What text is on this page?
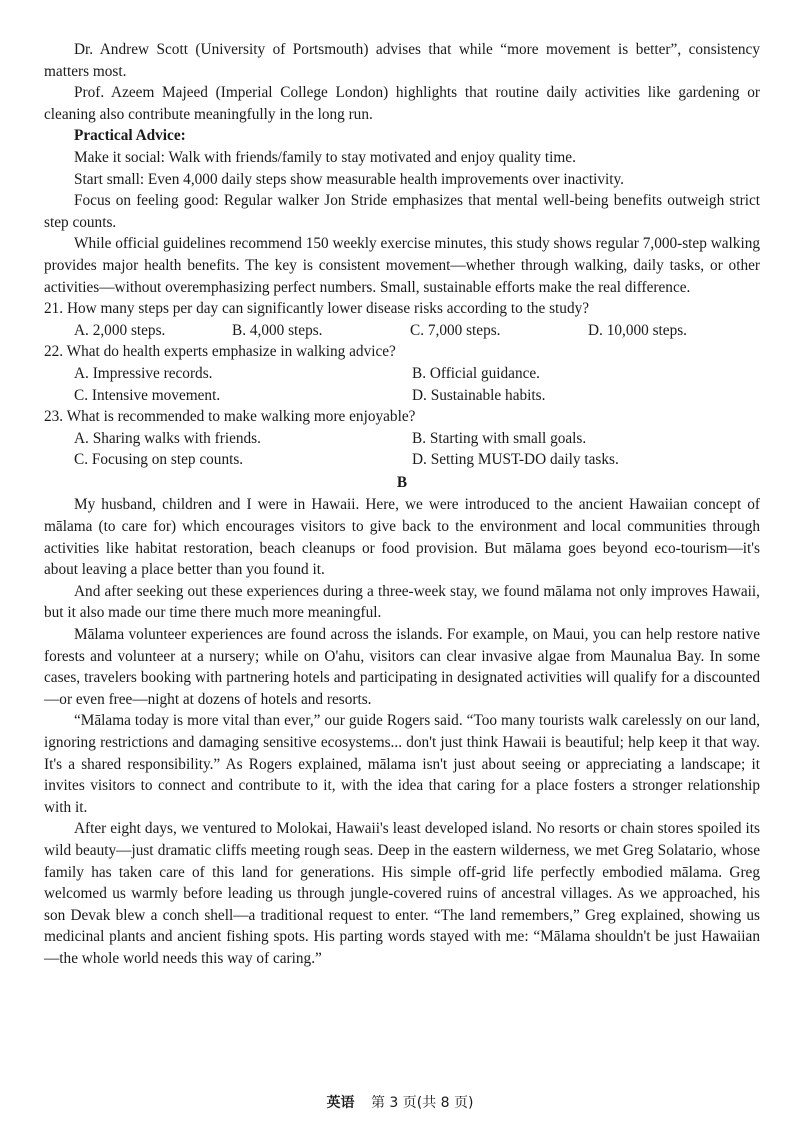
Dr. Andrew Scott (University of Portsmouth) advises that while “more movement is better”, consistency matters most.

Prof. Azeem Majeed (Imperial College London) highlights that routine daily activities like gardening or cleaning also contribute meaningfully in the long run.

Practical Advice:

Make it social: Walk with friends/family to stay motivated and enjoy quality time.

Start small: Even 4,000 daily steps show measurable health improvements over inactivity.

Focus on feeling good: Regular walker Jon Stride emphasizes that mental well-being benefits outweigh strict step counts.

While official guidelines recommend 150 weekly exercise minutes, this study shows regular 7,000-step walking provides major health benefits. The key is consistent movement—whether through walking, daily tasks, or other activities—without overemphasizing perfect numbers. Small, sustainable efforts make the real difference.

21. How many steps per day can significantly lower disease risks according to the study?

A. 2,000 steps.	B. 4,000 steps.	C. 7,000 steps.	D. 10,000 steps.

22. What do health experts emphasize in walking advice?

A. Impressive records.	B. Official guidance.
C. Intensive movement.	D. Sustainable habits.

23. What is recommended to make walking more enjoyable?

A. Sharing walks with friends.	B. Starting with small goals.
C. Focusing on step counts.	D. Setting MUST-DO daily tasks.

B

My husband, children and I were in Hawaii. Here, we were introduced to the ancient Hawaiian concept of mālama (to care for) which encourages visitors to give back to the environment and local communities through activities like habitat restoration, beach cleanups or food provision. But mālama goes beyond eco-tourism—it's about leaving a place better than you found it.

And after seeking out these experiences during a three-week stay, we found mālama not only improves Hawaii, but it also made our time there much more meaningful.

Mālama volunteer experiences are found across the islands. For example, on Maui, you can help restore native forests and volunteer at a nursery; while on O'ahu, visitors can clear invasive algae from Maunalua Bay. In some cases, travelers booking with partnering hotels and participating in designated activities will qualify for a discounted—or even free—night at dozens of hotels and resorts.

“Mālama today is more vital than ever,” our guide Rogers said. “Too many tourists walk carelessly on our land, ignoring restrictions and damaging sensitive ecosystems... don't just think Hawaii is beautiful; help keep it that way. It's a shared responsibility.” As Rogers explained, mālama isn't just about seeing or appreciating a landscape; it invites visitors to connect and contribute to it, with the idea that caring for a place fosters a stronger relationship with it.

After eight days, we ventured to Molokai, Hawaii's least developed island. No resorts or chain stores spoiled its wild beauty—just dramatic cliffs meeting rough seas. Deep in the eastern wilderness, we met Greg Solatario, whose family has taken care of this land for generations. His simple off-grid life perfectly embodied mālama. Greg welcomed us warmly before leading us through jungle-covered ruins of ancestral villages. As we approached, his son Devak blew a conch shell—a traditional request to enter. “The land remembers,” Greg explained, showing us medicinal plants and ancient fishing spots. His parting words stayed with me: “Mālama shouldn't be just Hawaiian—the whole world needs this way of caring.”

英语 第 3 页(共 8 页)
